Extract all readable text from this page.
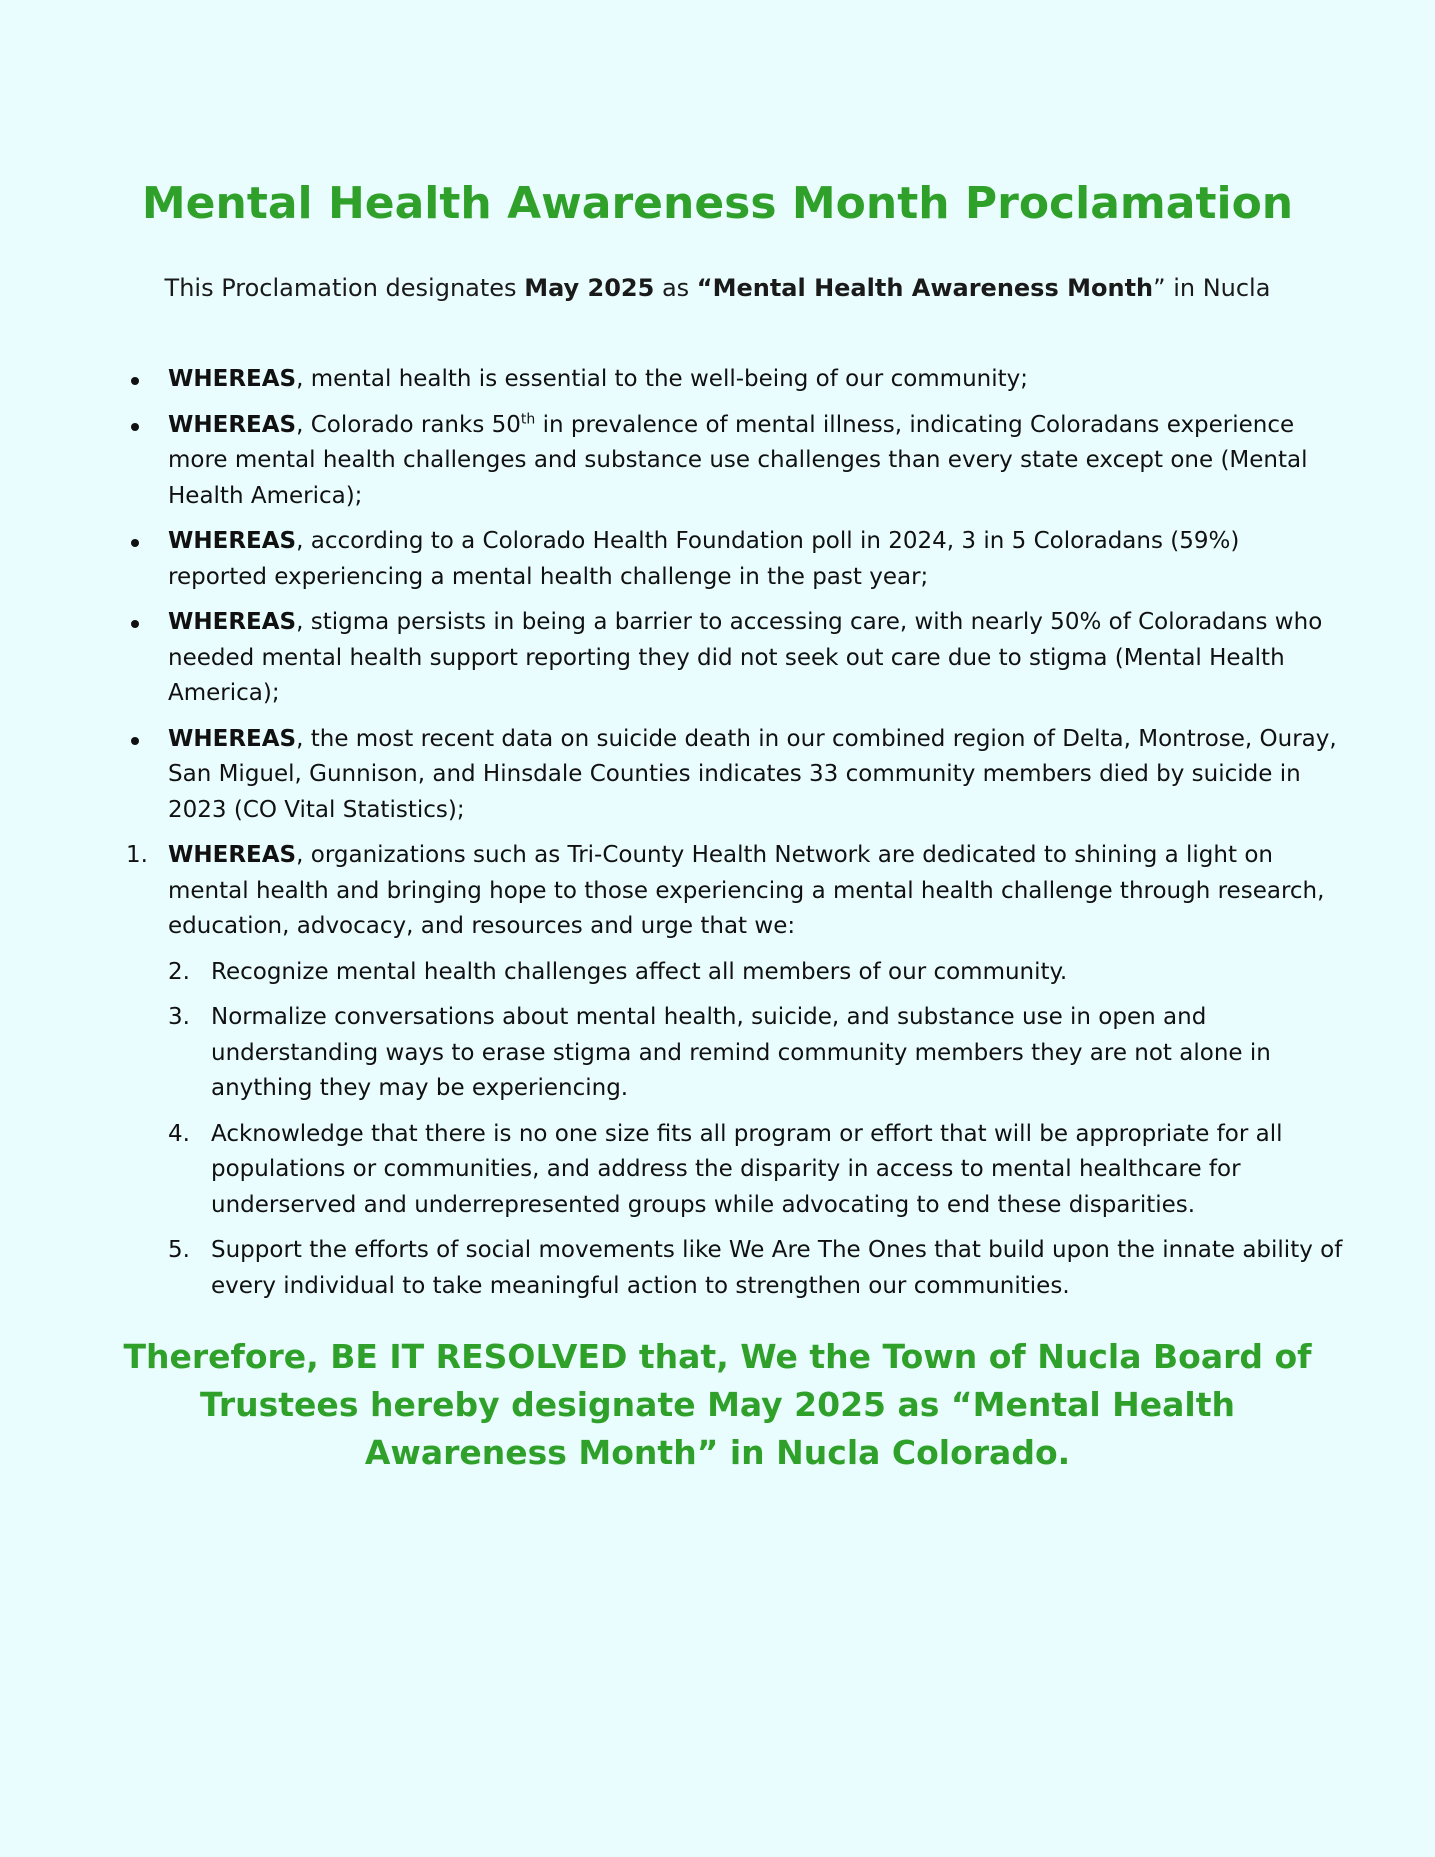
Mental Health Awareness Month Proclamation

This Proclamation designates May 2025 as “Mental Health Awareness Month” in Nucla

WHEREAS, mental health is essential to the well-being of our community;
WHEREAS, Colorado ranks 50th in prevalence of mental illness, indicating Coloradans experience more mental health challenges and substance use challenges than every state except one (Mental Health America);
WHEREAS, according to a Colorado Health Foundation poll in 2024, 3 in 5 Coloradans (59%) reported experiencing a mental health challenge in the past year;
WHEREAS, stigma persists in being a barrier to accessing care, with nearly 50% of Coloradans who needed mental health support reporting they did not seek out care due to stigma (Mental Health America);
WHEREAS, the most recent data on suicide death in our combined region of Delta, Montrose, Ouray, San Miguel, Gunnison, and Hinsdale Counties indicates 33 community members died by suicide in 2023 (CO Vital Statistics);
1. WHEREAS, organizations such as Tri-County Health Network are dedicated to shining a light on mental health and bringing hope to those experiencing a mental health challenge through research, education, advocacy, and resources and urge that we:
2. Recognize mental health challenges affect all members of our community.
3. Normalize conversations about mental health, suicide, and substance use in open and understanding ways to erase stigma and remind community members they are not alone in anything they may be experiencing.
4. Acknowledge that there is no one size fits all program or effort that will be appropriate for all populations or communities, and address the disparity in access to mental healthcare for underserved and underrepresented groups while advocating to end these disparities.
5. Support the efforts of social movements like We Are The Ones that build upon the innate ability of every individual to take meaningful action to strengthen our communities.

Therefore, BE IT RESOLVED that, We the Town of Nucla Board of Trustees hereby designate May 2025 as “Mental Health Awareness Month” in Nucla Colorado.
